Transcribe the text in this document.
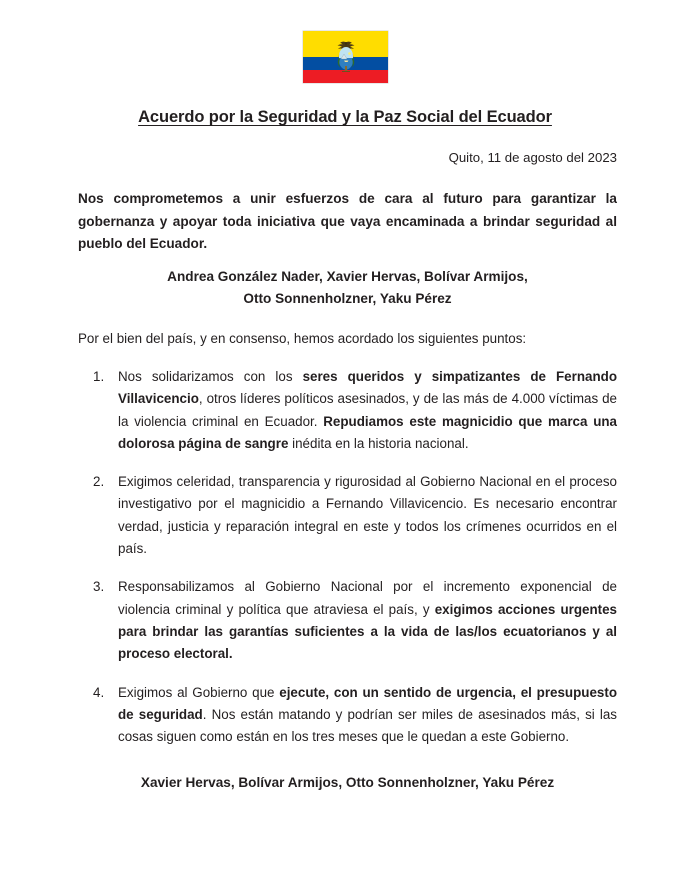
Acuerdo por la Seguridad y la Paz Social del Ecuador
Quito, 11 de agosto del 2023
Nos comprometemos a unir esfuerzos de cara al futuro para garantizar la gobernanza y apoyar toda iniciativa que vaya encaminada a brindar seguridad al pueblo del Ecuador.
Andrea González Nader, Xavier Hervas, Bolívar Armijos,
Otto Sonnenholzner, Yaku Pérez
Por el bien del país, y en consenso, hemos acordado los siguientes puntos:
1.	Nos solidarizamos con los seres queridos y simpatizantes de Fernando Villavicencio, otros líderes políticos asesinados, y de las más de 4.000 víctimas de la violencia criminal en Ecuador. Repudiamos este magnicidio que marca una dolorosa página de sangre inédita en la historia nacional.
2.	Exigimos celeridad, transparencia y rigurosidad al Gobierno Nacional en el proceso investigativo por el magnicidio a Fernando Villavicencio. Es necesario encontrar verdad, justicia y reparación integral en este y todos los crímenes ocurridos en el país.
3.	Responsabilizamos al Gobierno Nacional por el incremento exponencial de violencia criminal y política que atraviesa el país, y exigimos acciones urgentes para brindar las garantías suficientes a la vida de las/los ecuatorianos y al proceso electoral.
4.	Exigimos al Gobierno que ejecute, con un sentido de urgencia, el presupuesto de seguridad. Nos están matando y podrían ser miles de asesinados más, si las cosas siguen como están en los tres meses que le quedan a este Gobierno.
Xavier Hervas, Bolívar Armijos, Otto Sonnenholzner, Yaku Pérez
